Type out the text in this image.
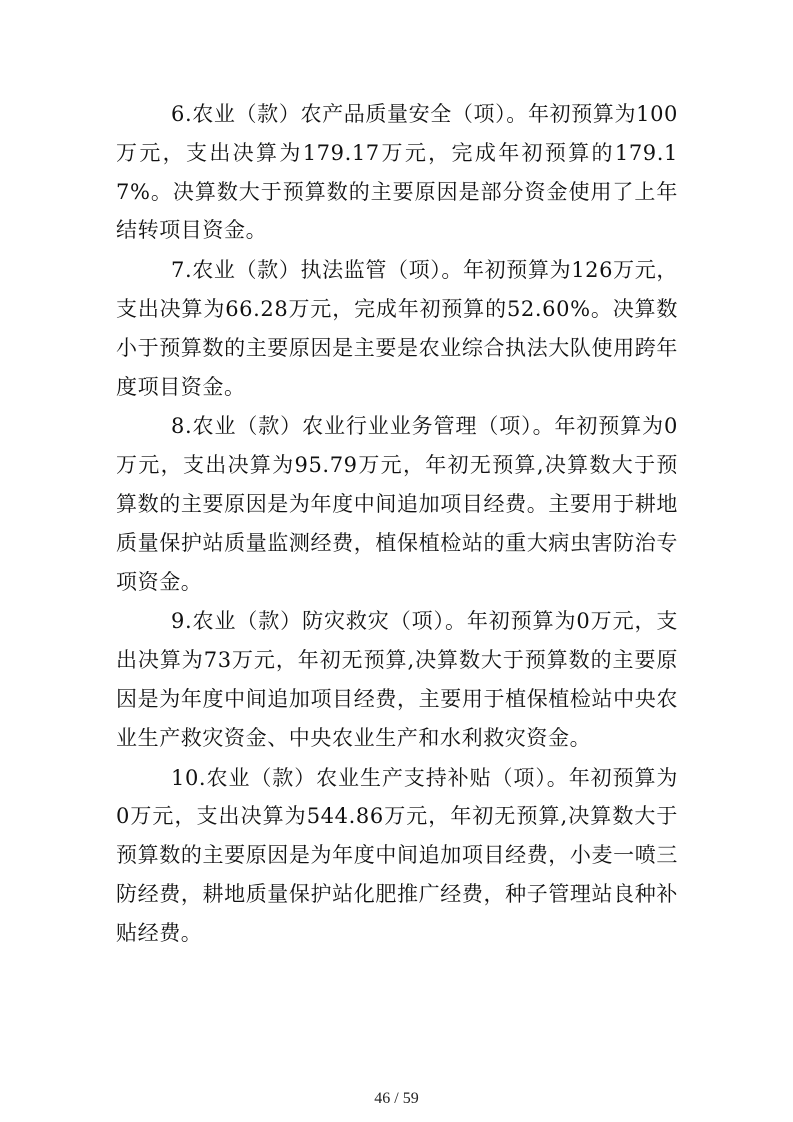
6.农业（款）农产品质量安全（项）。年初预算为100万元，支出决算为179.17万元，完成年初预算的179.17%。决算数大于预算数的主要原因是部分资金使用了上年结转项目资金。

7.农业（款）执法监管（项）。年初预算为126万元，支出决算为66.28万元，完成年初预算的52.60%。决算数小于预算数的主要原因是主要是农业综合执法大队使用跨年度项目资金。

8.农业（款）农业行业业务管理（项）。年初预算为0万元，支出决算为95.79万元，年初无预算,决算数大于预算数的主要原因是为年度中间追加项目经费。主要用于耕地质量保护站质量监测经费，植保植检站的重大病虫害防治专项资金。

9.农业（款）防灾救灾（项）。年初预算为0万元，支出决算为73万元，年初无预算,决算数大于预算数的主要原因是为年度中间追加项目经费，主要用于植保植检站中央农业生产救灾资金、中央农业生产和水利救灾资金。

10.农业（款）农业生产支持补贴（项）。年初预算为0万元，支出决算为544.86万元，年初无预算,决算数大于预算数的主要原因是为年度中间追加项目经费，小麦一喷三防经费，耕地质量保护站化肥推广经费，种子管理站良种补贴经费。

46 / 59
